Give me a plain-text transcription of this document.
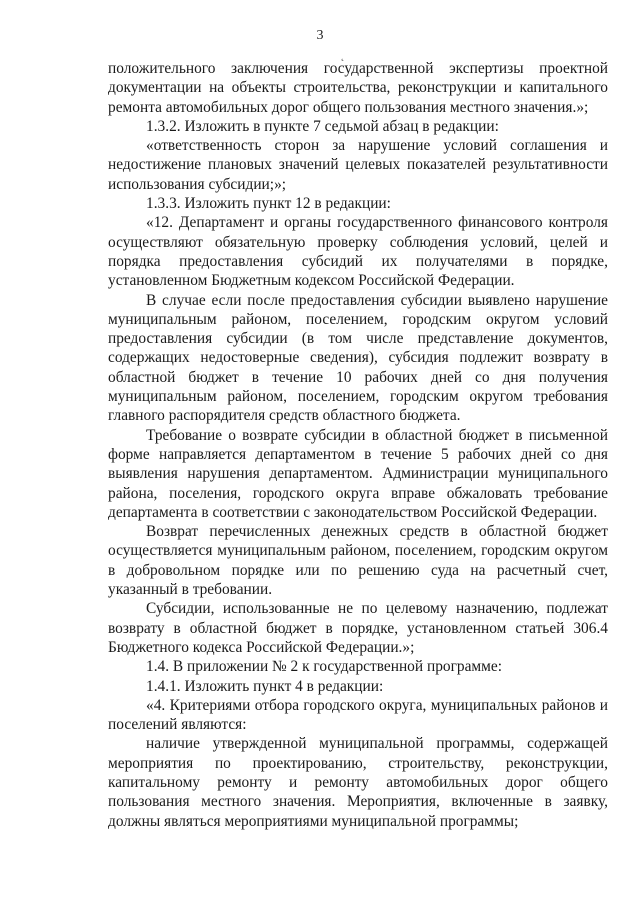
3
˛

положительного заключения государственной экспертизы проектной документации на объекты строительства, реконструкции и капитального ремонта автомобильных дорог общего пользования местного значения.»;

1.3.2. Изложить в пункте 7 седьмой абзац в редакции:

«ответственность сторон за нарушение условий соглашения и недостижение плановых значений целевых показателей результативности использования субсидии;»;

1.3.3. Изложить пункт 12 в редакции:

«12. Департамент и органы государственного финансового контроля осуществляют обязательную проверку соблюдения условий, целей и порядка предоставления субсидий их получателями в порядке, установленном Бюджетным кодексом Российской Федерации.

В случае если после предоставления субсидии выявлено нарушение муниципальным районом, поселением, городским округом условий предоставления субсидии (в том числе представление документов, содержащих недостоверные сведения), субсидия подлежит возврату в областной бюджет в течение 10 рабочих дней со дня получения муниципальным районом, поселением, городским округом требования главного распорядителя средств областного бюджета.

Требование о возврате субсидии в областной бюджет в письменной форме направляется департаментом в течение 5 рабочих дней со дня выявления нарушения департаментом. Администрации муниципального района, поселения, городского округа вправе обжаловать требование департамента в соответствии с законодательством Российской Федерации.

Возврат перечисленных денежных средств в областной бюджет осуществляется муниципальным районом, поселением, городским округом в добровольном порядке или по решению суда на расчетный счет, указанный в требовании.

Субсидии, использованные не по целевому назначению, подлежат возврату в областной бюджет в порядке, установленном статьей 306.4 Бюджетного кодекса Российской Федерации.»;

1.4. В приложении № 2 к государственной программе:

1.4.1. Изложить пункт 4 в редакции:

«4. Критериями отбора городского округа, муниципальных районов и поселений являются:

наличие утвержденной муниципальной программы, содержащей мероприятия по проектированию, строительству, реконструкции, капитальному ремонту и ремонту автомобильных дорог общего пользования местного значения. Мероприятия, включенные в заявку, должны являться мероприятиями муниципальной программы;
